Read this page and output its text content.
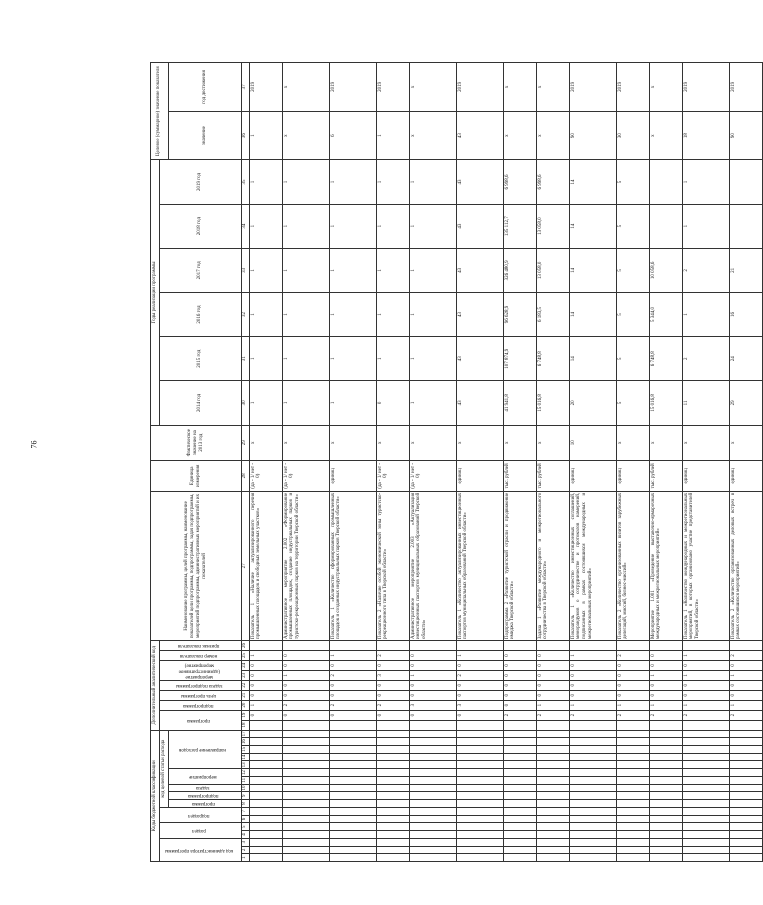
76
Коды бюджетной классификации																	Дополнительный аналитический код									Наименование программы, целей программы, наименование показателей цели программы, подпрограммы, задач подпрограммы, мероприятий подпрограммы, административных мероприятий и их показателей	Единица измерения	Фактическое значение на 2013 год	Годы реализации программы						Целевое (суммарное) значение показателя	
код администратора программы			раздел		подраздел		код целевой статьи расхода										программа		подпрограмма	цель программы	задача подпрограммы	мероприятие (административное мероприятие)		номер показателя	признак показателя				2014 год	2015 год	2016 год	2017 год	2018 год	2019 год		
							программа	подпрограмма	задача	мероприятие		направление расходов																							значение	год достижения
1	2	3	4	5	6	7	8	9	10	11	12	13	14	15	16	17	18	19	20	21	22	23	24	25	26	27	28	29	30	31	32	33	34	35	36	37
																		0	1	0	0	0	0	1		Показатель 1 «Наличие актуализированного перечня промышленных площадок и свободных земельных участков»	(да - 1/ нет - 0)	х	1	1	1	1	1	1	1	2019
																		0	2	0	0	1	0	0		Административное мероприятие 2.002 «Формирование промышленных площадок, создание индустриальных парков и туристско-рекреационных парков на территории Тверской области»	(да - 1/ нет - 0)	х	1	1	1	1	1	1	х	х
																		0	2	0	0	2	0	1		Показатель 1 «Количество сформированных промышленных площадок и созданных индустриальных парков Тверской области»	единиц	х	1	1	1	1	1	1	6	2019
																		0	2	0	0	3	0	2		Показатель 2 «Наличие особой экономической зоны туристско-рекреационного типа в Тверской области»	(да - 1/ нет - 0)	х	0	1	1	1	1	1	1	2019
																		0	3	0	0	1	0	0		Административное мероприятие 2.003 «Актуализация инвестиционных паспортов муниципальных образований Тверской области»	(да - 1/ нет - 0)	х	1	1	1	1	1	1	х	х
																		0	3	0	0	2	0	1		Показатель 1 «Количество актуализированных инвестиционных паспортов муниципальных образований Тверской области»	единиц	х	43	43	43	43	43	43	43	2019
																		2	0	0	0	0	0	0		Подпрограмма 2 «Развитие туристской отрасли и продвижение имиджа Тверской области»	тыс. рублей	х	41 941,8	107 874,9	96 628,9	326 480,9	135 112,7	6 998,6	х	х
																		2	1	0	0	0	0	0		Задача 1 «Развитие международного и межрегионального сотрудничества в Тверской области»	тыс. рублей	х	15 016,8	6 748,8	6 183,5	13 058,0	13 058,0	6 998,6	х	х
																		2	1	0	0	0	0	1		Показатель 1 «Количество инвестиционных соглашений, меморандумов о сотрудничестве и протоколов намерений, подписанных в рамках состоявшихся международных и межрегиональных мероприятий»	единиц	10	20	14	14	14	14	14	90	2019
																		2	1	0	0	0	0	2		Показатель 2 «Количество организованных визитов зарубежных делегаций, миссий, бизнес-миссий»	единиц	х	5	5	5	5	5	5	30	2019
																		2	1	0	0	1	0	0		Мероприятие 1.001 «Проведение выставочно-ярмарочных международных и межрегиональных мероприятий»	тыс. рублей	х	15 016,8	6 748,8	5 344,0	10 058,6			х	х
																		2	1	0	0	1	0	1		Показатель 1 «Количество международных и межрегиональных мероприятий, в которых организовано участие представителей Тверской области»	единиц	х	11	2	1	2	1	1	18	2019
																		2	1	0	0	1	0	2		Показатель 2 «Количество организованных деловых встреч в рамках состоявшихся мероприятий»	единиц	х	29	24	16	21			90	2019
